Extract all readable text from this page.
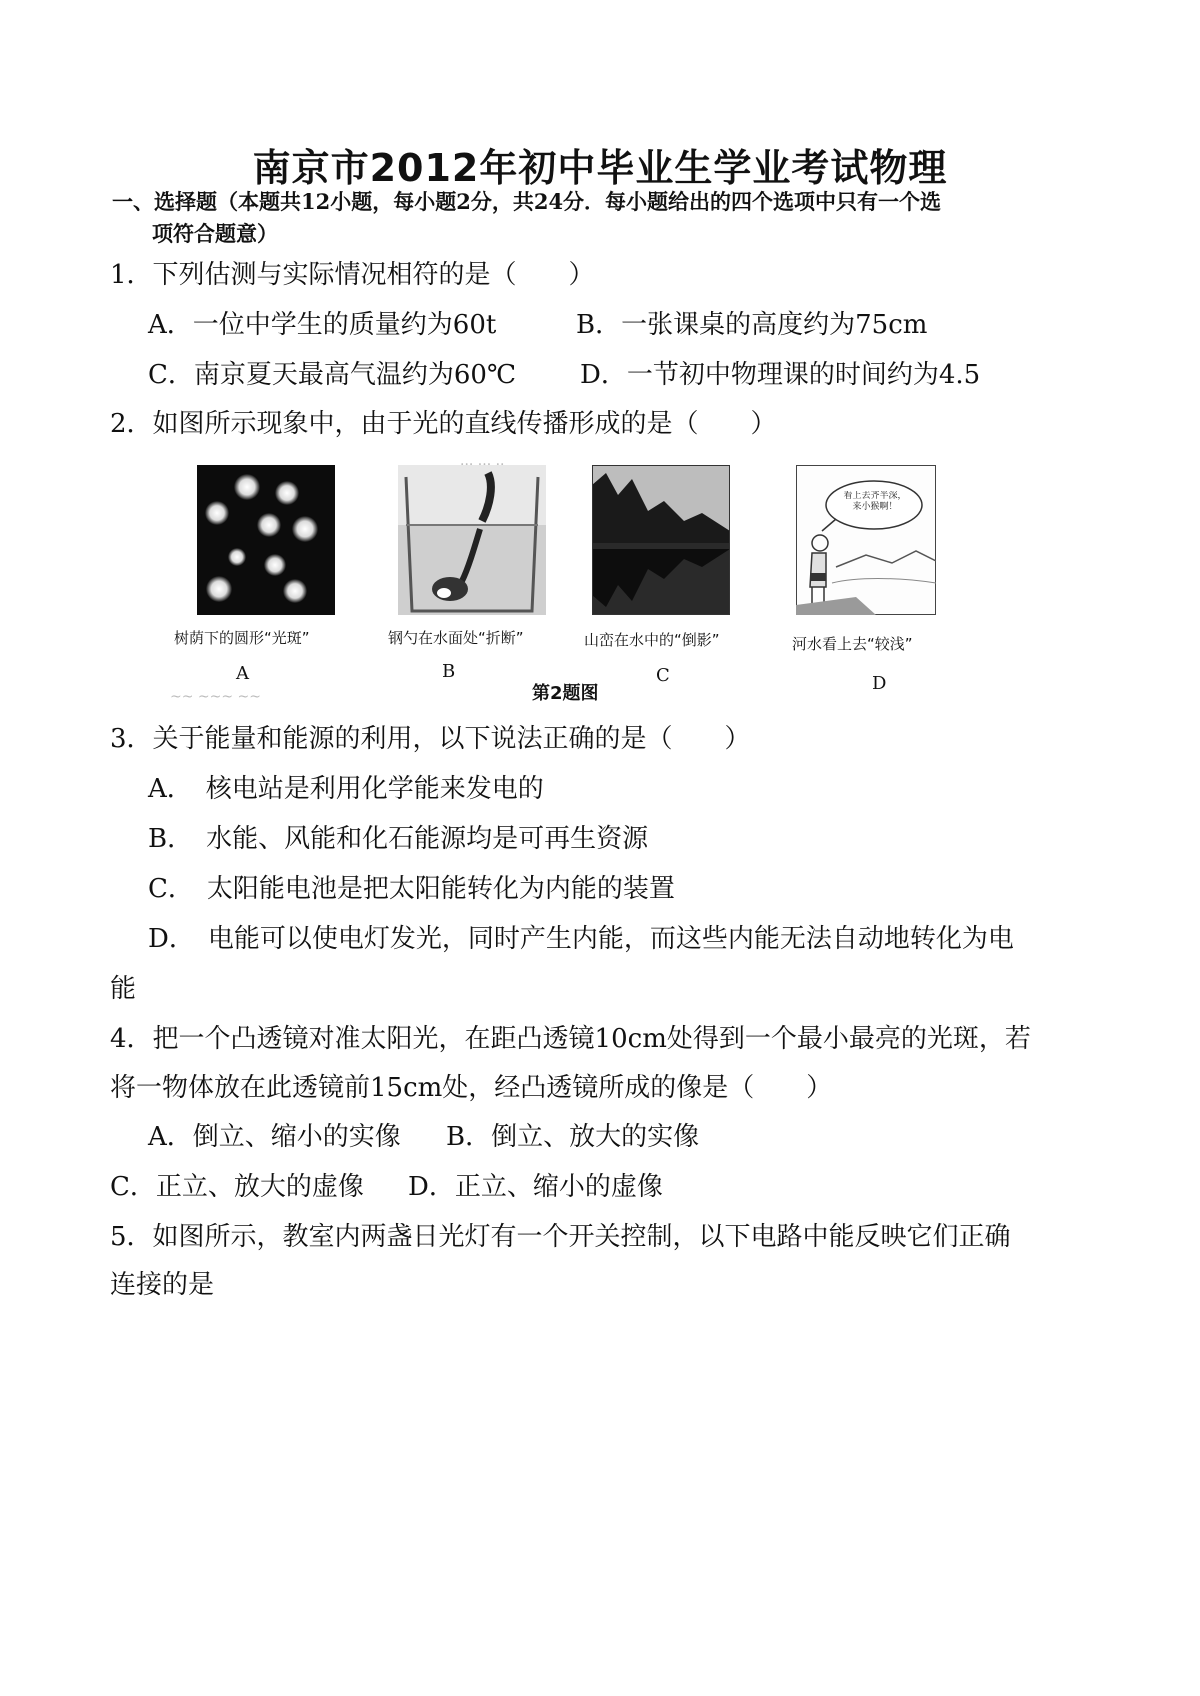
南京市2012年初中毕业生学业考试物理
一、选择题（本题共12小题，每小题2分，共24分．每小题给出的四个选项中只有一个选
项符合题意）
1．下列估测与实际情况相符的是（　　）
A．一位中学生的质量约为60t	B．一张课桌的高度约为75cm
C．南京夏天最高气温约为60℃ D．一节初中物理课的时间约为4.5
2．如图所示现象中，由于光的直线传播形成的是（　　）
~~ ~~~ ~~
看上去齐半深，来小猴啊！
树荫下的圆形“光斑”	钢勺在水面处“折断”	山峦在水中的“倒影”	河水看上去“较浅”
A	B	C	D
第2题图
3．关于能量和能源的利用，以下说法正确的是（　　）
A．　核电站是利用化学能来发电的
B．　水能、风能和化石能源均是可再生资源
C．　太阳能电池是把太阳能转化为内能的装置
D．　电能可以使电灯发光，同时产生内能，而这些内能无法自动地转化为电
能
4．把一个凸透镜对准太阳光，在距凸透镜10cm处得到一个最小最亮的光斑，若
将一物体放在此透镜前15cm处，经凸透镜所成的像是（　　）
A．倒立、缩小的实像 B．倒立、放大的实像
C．正立、放大的虚像 D．正立、缩小的虚像
5．如图所示，教室内两盏日光灯有一个开关控制，以下电路中能反映它们正确
连接的是
